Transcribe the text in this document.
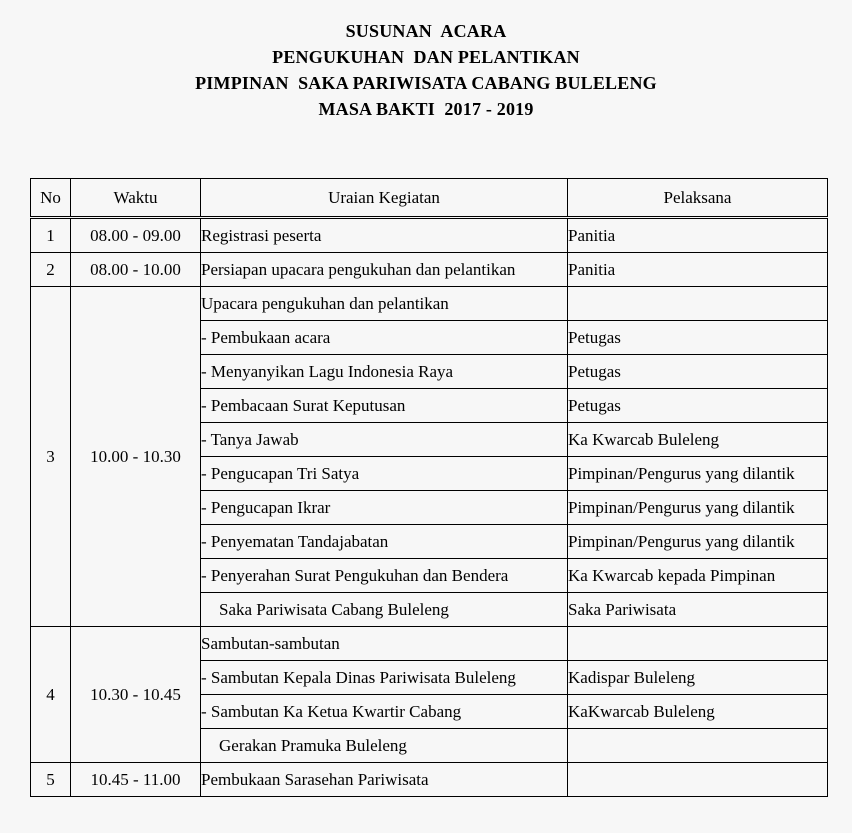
SUSUNAN  ACARA
PENGUKUHAN  DAN PELANTIKAN
PIMPINAN  SAKA PARIWISATA CABANG BULELENG
MASA BAKTI  2017 - 2019
No	Waktu	Uraian Kegiatan	Pelaksana
1	08.00 - 09.00	Registrasi peserta	Panitia
2	08.00 - 10.00	Persiapan upacara pengukuhan dan pelantikan	Panitia
3	10.00 - 10.30	Upacara pengukuhan dan pelantikan	
		- Pembukaan acara	Petugas
		- Menyanyikan Lagu Indonesia Raya	Petugas
		- Pembacaan Surat Keputusan	Petugas
		- Tanya Jawab	Ka Kwarcab Buleleng
		- Pengucapan Tri Satya	Pimpinan/Pengurus yang dilantik
		- Pengucapan Ikrar	Pimpinan/Pengurus yang dilantik
		- Penyematan Tandajabatan	Pimpinan/Pengurus yang dilantik
		- Penyerahan Surat Pengukuhan dan Bendera	Ka Kwarcab kepada Pimpinan
		Saka Pariwisata Cabang Buleleng	Saka Pariwisata
4	10.30 - 10.45	Sambutan-sambutan	
		- Sambutan Kepala Dinas Pariwisata Buleleng	Kadispar Buleleng
		- Sambutan Ka Ketua Kwartir Cabang	KaKwarcab Buleleng
		Gerakan Pramuka Buleleng	
5	10.45 - 11.00	Pembukaan Sarasehan Pariwisata	
